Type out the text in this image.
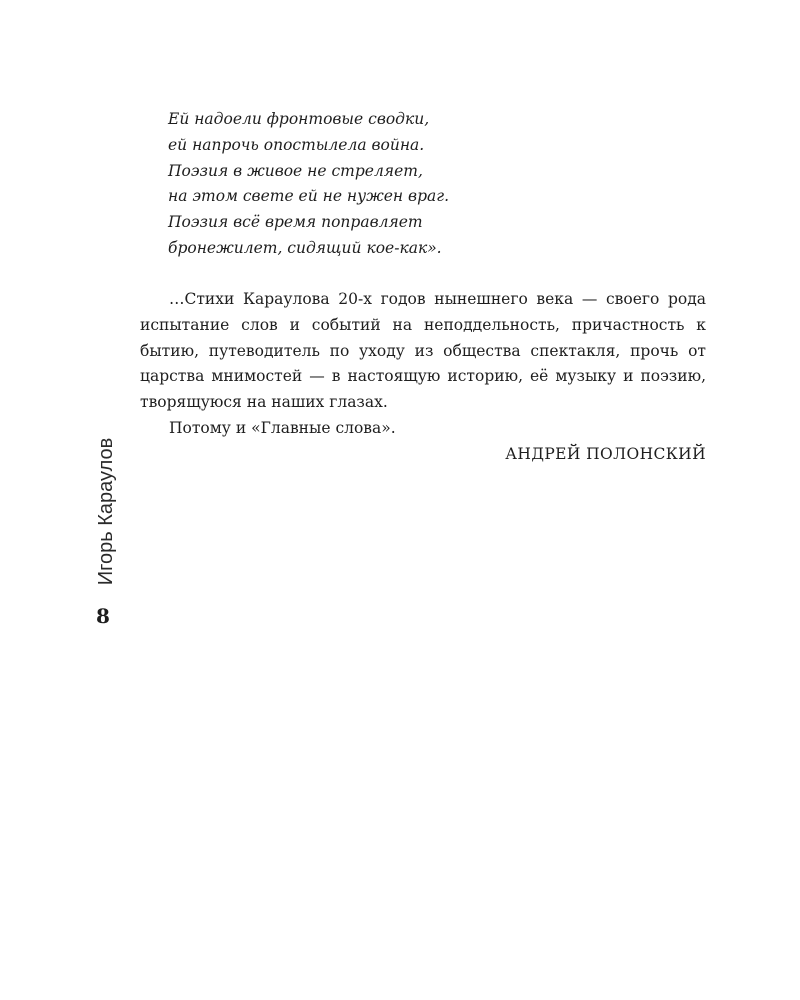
Ей надоели фронтовые сводки,
ей напрочь опостылела война.
Поэзия в живое не стреляет,
на этом свете ей не нужен враг.
Поэзия всё время поправляет
бронежилет, сидящий кое-как».

…Стихи Караулова 20-х годов нынешнего века — своего рода испытание слов и событий на неподдельность, причастность к бытию, путеводитель по уходу из общества спектакля, прочь от царства мнимостей — в настоящую историю, её музыку и поэзию, творящуюся на наших глазах.

Потому и «Главные слова».

АНДРЕЙ ПОЛОНСКИЙ

Игорь Караулов
8
